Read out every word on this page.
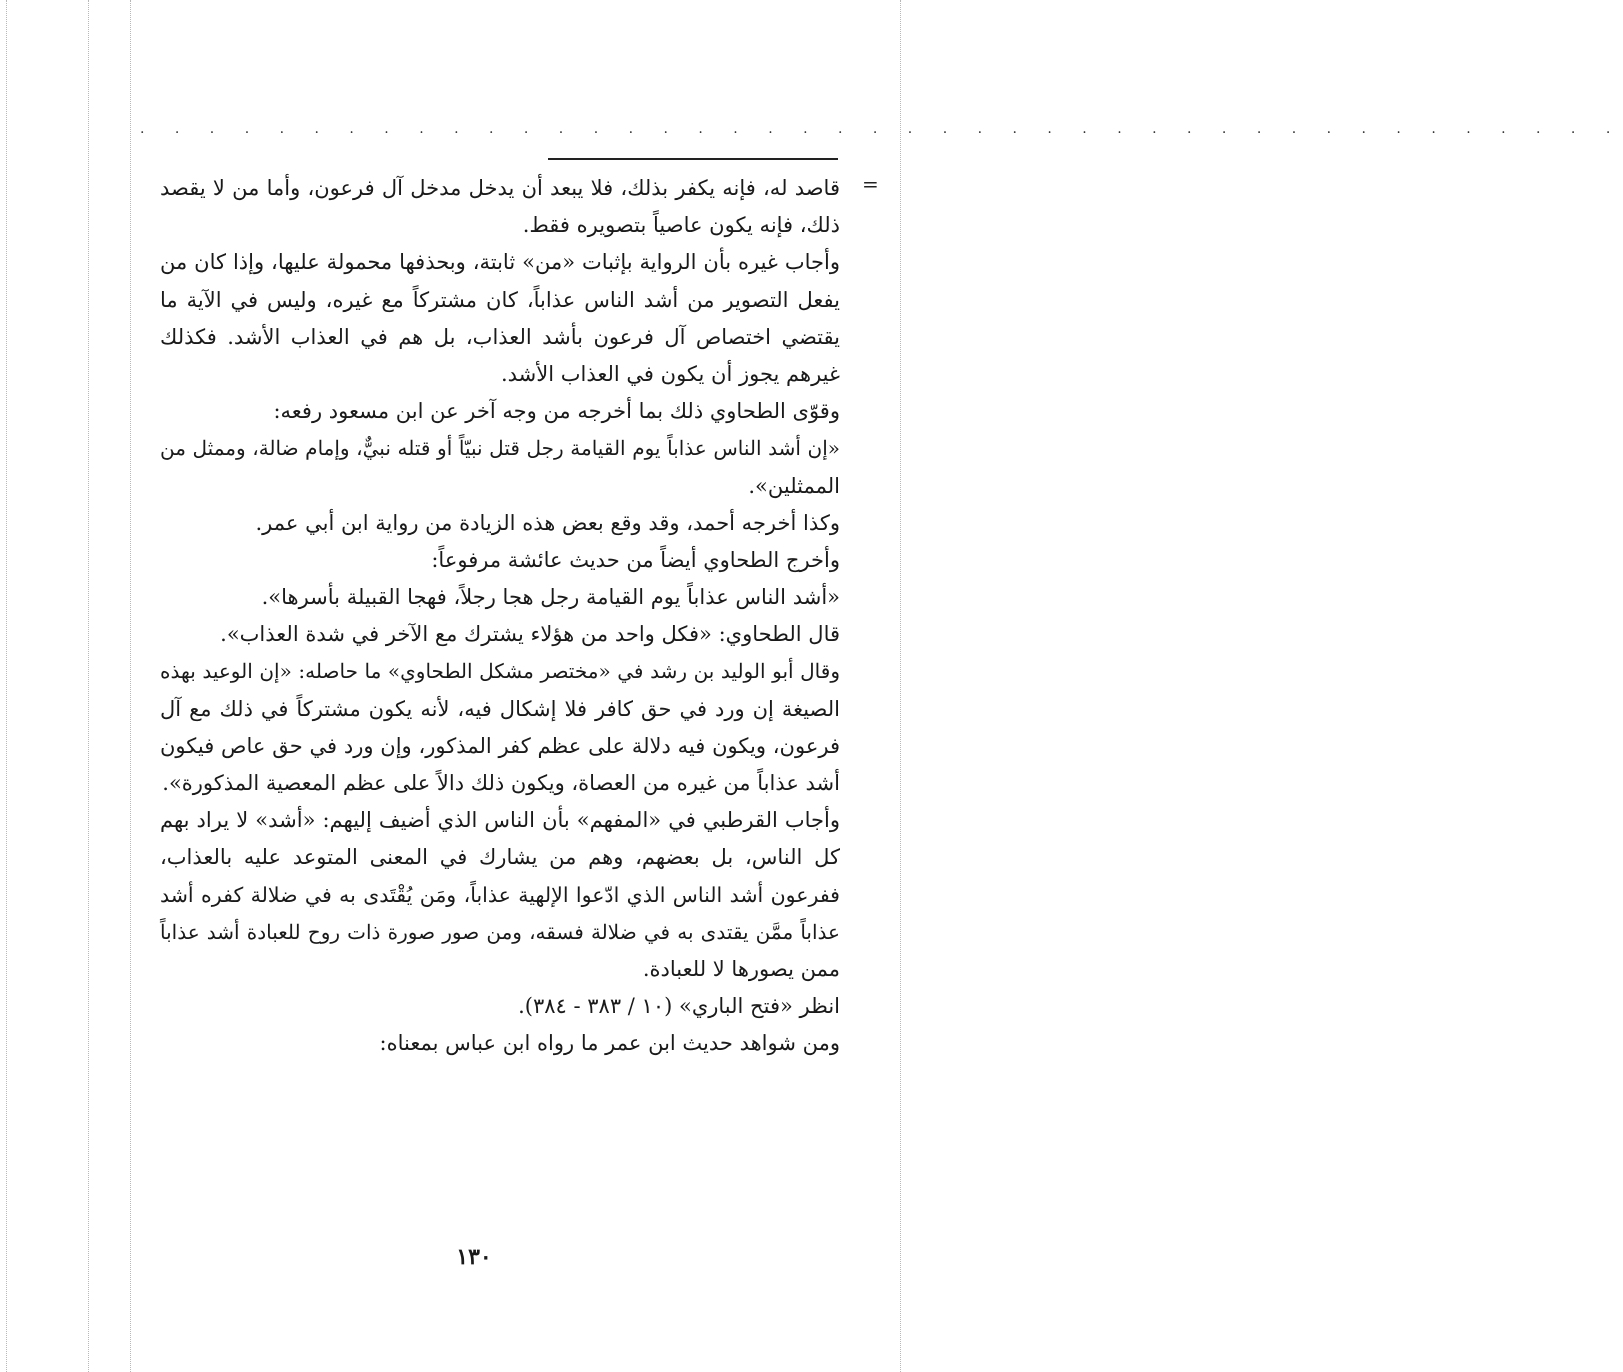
. . . . . . . . . . . . . . . . . . . . . . . . . . . . . . . . . . . . . . . . . . .
=
قاصد له، فإنه يكفر بذلك، فلا يبعد أن يدخل مدخل آل فرعون، وأما من لا يقصد
ذلك، فإنه يكون عاصياً بتصويره فقط.
وأجاب غيره بأن الرواية بإثبات «من» ثابتة، وبحذفها محمولة عليها، وإذا كان من
يفعل التصوير من أشد الناس عذاباً، كان مشتركاً مع غيره، وليس في الآية ما
يقتضي اختصاص آل فرعون بأشد العذاب، بل هم في العذاب الأشد. فكذلك
غيرهم يجوز أن يكون في العذاب الأشد.
وقوّى الطحاوي ذلك بما أخرجه من وجه آخر عن ابن مسعود رفعه:
«إن أشد الناس عذاباً يوم القيامة رجل قتل نبيّاً أو قتله نبيٌّ، وإمام ضالة، وممثل من
الممثلين».
وكذا أخرجه أحمد، وقد وقع بعض هذه الزيادة من رواية ابن أبي عمر.
وأخرج الطحاوي أيضاً من حديث عائشة مرفوعاً:
«أشد الناس عذاباً يوم القيامة رجل هجا رجلاً، فهجا القبيلة بأسرها».
قال الطحاوي: «فكل واحد من هؤلاء يشترك مع الآخر في شدة العذاب».
وقال أبو الوليد بن رشد في «مختصر مشكل الطحاوي» ما حاصله: «إن الوعيد بهذه
الصيغة إن ورد في حق كافر فلا إشكال فيه، لأنه يكون مشتركاً في ذلك مع آل
فرعون، ويكون فيه دلالة على عظم كفر المذكور، وإن ورد في حق عاص فيكون
أشد عذاباً من غيره من العصاة، ويكون ذلك دالاً على عظم المعصية المذكورة».
وأجاب القرطبي في «المفهم» بأن الناس الذي أضيف إليهم: «أشد» لا يراد بهم
كل الناس، بل بعضهم، وهم من يشارك في المعنى المتوعد عليه بالعذاب،
ففرعون أشد الناس الذي ادّعوا الإلهية عذاباً، ومَن يُقْتَدى به في ضلالة كفره أشد
عذاباً ممَّن يقتدى به في ضلالة فسقه، ومن صور صورة ذات روح للعبادة أشد عذاباً
ممن يصورها لا للعبادة.
انظر «فتح الباري» (١٠ / ٣٨٣ - ٣٨٤).
ومن شواهد حديث ابن عمر ما رواه ابن عباس بمعناه:
١٣٠
